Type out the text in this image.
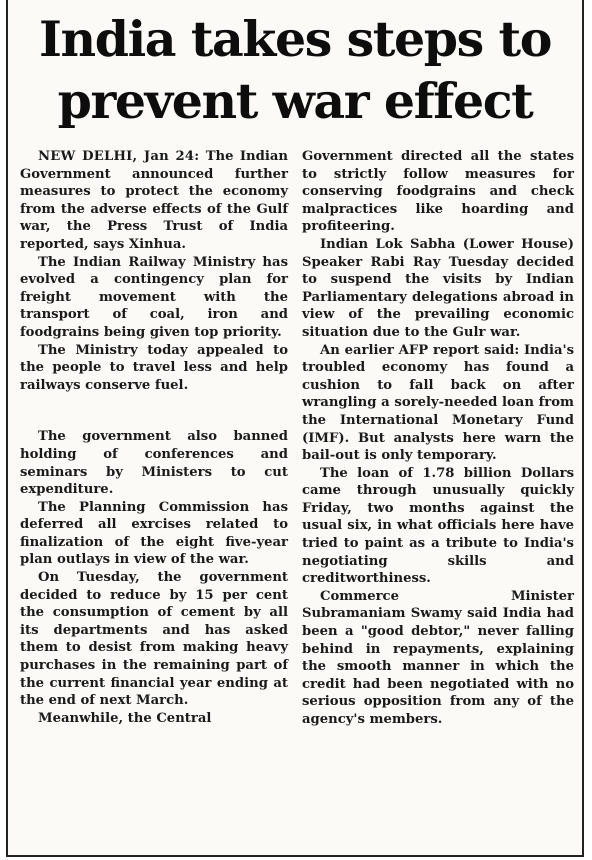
India takes steps to prevent war effect

NEW DELHI, Jan 24: The Indian Government announced further measures to protect the economy from the adverse effects of the Gulf war, the Press Trust of India reported, says Xinhua.

The Indian Railway Ministry has evolved a contingency plan for freight movement with the transport of coal, iron and foodgrains being given top priority.

The Ministry today appealed to the people to travel less and help railways conserve fuel.

The government also banned holding of conferences and seminars by Ministers to cut expenditure.

The Planning Commission has deferred all exrcises related to finalization of the eight five-year plan outlays in view of the war.

On Tuesday, the government decided to reduce by 15 per cent the consumption of cement by all its departments and has asked them to desist from making heavy purchases in the remaining part of the current financial year ending at the end of next March.

Meanwhile, the Central

Government directed all the states to strictly follow measures for conserving foodgrains and check malpractices like hoarding and profiteering.

Indian Lok Sabha (Lower House) Speaker Rabi Ray Tuesday decided to suspend the visits by Indian Parliamentary delegations abroad in view of the prevailing economic situation due to the Gulr war.

An earlier AFP report said: India's troubled economy has found a cushion to fall back on after wrangling a sorely-needed loan from the International Monetary Fund (IMF). But analysts here warn the bail-out is only temporary.

The loan of 1.78 billion Dollars came through unusually quickly Friday, two months against the usual six, in what officials here have tried to paint as a tribute to India's negotiating skills and creditworthiness.

Commerce Minister Subramaniam Swamy said India had been a "good debtor," never falling behind in repayments, explaining the smooth manner in which the credit had been negotiated with no serious opposition from any of the agency's members.
